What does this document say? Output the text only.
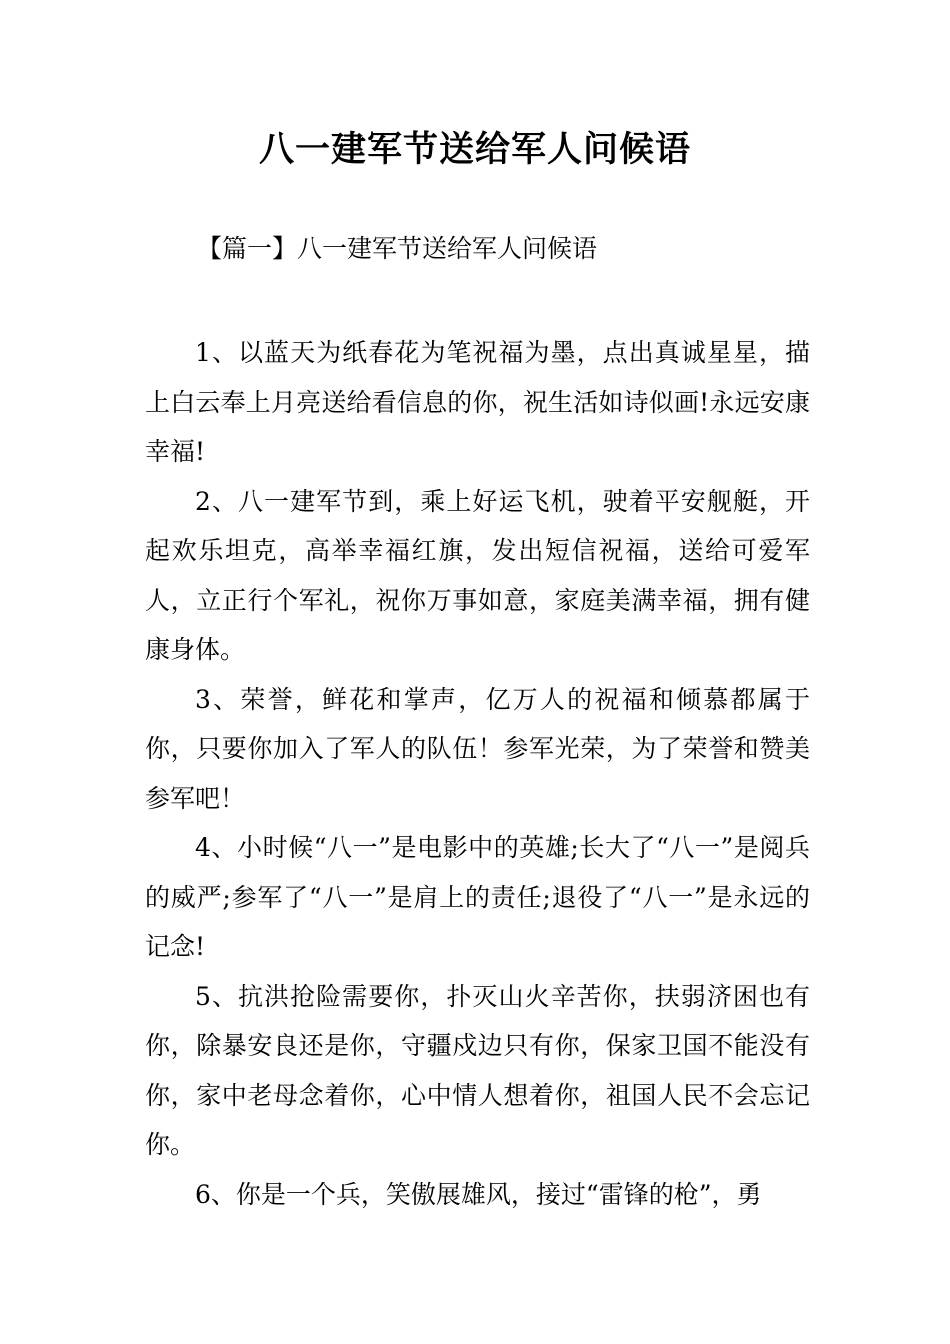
八一建军节送给军人问候语

【篇一】八一建军节送给军人问候语

1、以蓝天为纸春花为笔祝福为墨，点出真诚星星，描上白云奉上月亮送给看信息的你，祝生活如诗似画!永远安康幸福!

2、八一建军节到，乘上好运飞机，驶着平安舰艇，开起欢乐坦克，高举幸福红旗，发出短信祝福，送给可爱军人，立正行个军礼，祝你万事如意，家庭美满幸福，拥有健康身体。

3、荣誉，鲜花和掌声，亿万人的祝福和倾慕都属于你，只要你加入了军人的队伍！参军光荣，为了荣誉和赞美参军吧！

4、小时候“八一”是电影中的英雄;长大了“八一”是阅兵的威严;参军了“八一”是肩上的责任;退役了“八一”是永远的记念!

5、抗洪抢险需要你，扑灭山火辛苦你，扶弱济困也有你，除暴安良还是你，守疆戍边只有你，保家卫国不能没有你，家中老母念着你，心中情人想着你，祖国人民不会忘记你。

6、你是一个兵，笑傲展雄风，接过“雷锋的枪”，勇
